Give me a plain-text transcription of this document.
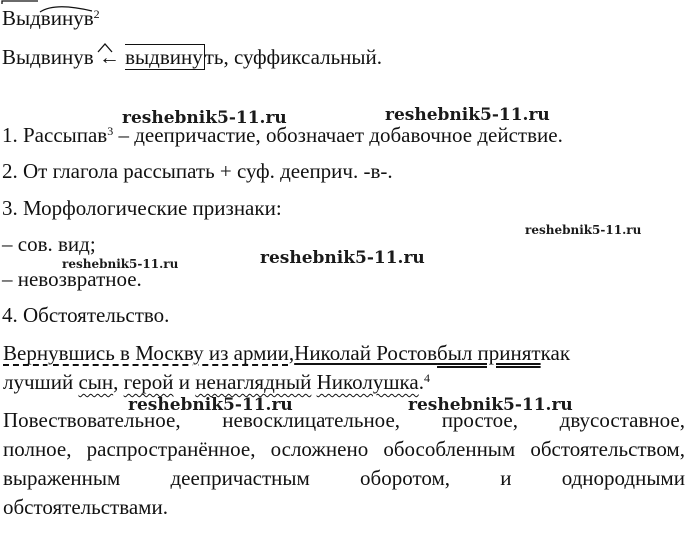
Выдвинув$^2$
Выдвинув ← выдвинуть, суффиксальный.
reshebnik5-11.ru	reshebnik5-11.ru
reshebnik5-11.ru
reshebnik5-11.ru	reshebnik5-11.ru
reshebnik5-11.ru	reshebnik5-11.ru
1. Рассыпав$^3$ – деепричастие, обозначает добавочное действие.
2. От глагола рассыпать + суф. дееприч. -в-.
3. Морфологические признаки:
– сов. вид;
– невозвратное.
4. Обстоятельство.
Вернувшись в Москву из армии,Николай Ростовбыл приняткак
лучший сын, герой и ненаглядный Николушка.$^4$
Повествовательное, невосклицательное, простое, двусоставное,
полное, распространённое, осложнено обособленным обстоятельством,
выраженным деепричастным оборотом, и однородными
обстоятельствами.
